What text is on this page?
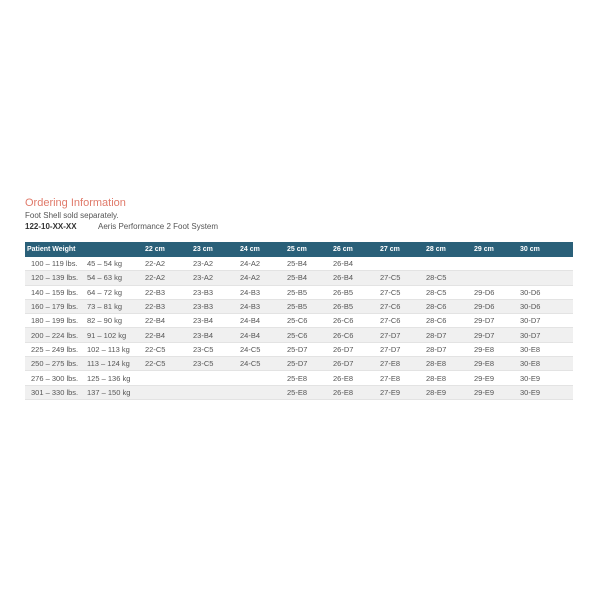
Ordering Information
Foot Shell sold separately.
122-10-XX-XX	Aeris Performance 2 Foot System
Patient Weight		22 cm	23 cm	24 cm	25 cm	26 cm	27 cm	28 cm	29 cm	30 cm
100 – 119 lbs.	45 – 54 kg	22-A2	23-A2	24-A2	25-B4	26-B4				
120 – 139 lbs.	54 – 63 kg	22-A2	23-A2	24-A2	25-B4	26-B4	27-C5	28-C5		
140 – 159 lbs.	64 – 72 kg	22-B3	23-B3	24-B3	25-B5	26-B5	27-C5	28-C5	29-D6	30-D6
160 – 179 lbs.	73 – 81 kg	22-B3	23-B3	24-B3	25-B5	26-B5	27-C6	28-C6	29-D6	30-D6
180 – 199 lbs.	82 – 90 kg	22-B4	23-B4	24-B4	25-C6	26-C6	27-C6	28-C6	29-D7	30-D7
200 – 224 lbs.	91 – 102 kg	22-B4	23-B4	24-B4	25-C6	26-C6	27-D7	28-D7	29-D7	30-D7
225 – 249 lbs.	102 – 113 kg	22-C5	23-C5	24-C5	25-D7	26-D7	27-D7	28-D7	29-E8	30-E8
250 – 275 lbs.	113 – 124 kg	22-C5	23-C5	24-C5	25-D7	26-D7	27-E8	28-E8	29-E8	30-E8
276 – 300 lbs.	125 – 136 kg				25-E8	26-E8	27-E8	28-E8	29-E9	30-E9
301 – 330 lbs.	137 – 150 kg				25-E8	26-E8	27-E9	28-E9	29-E9	30-E9
